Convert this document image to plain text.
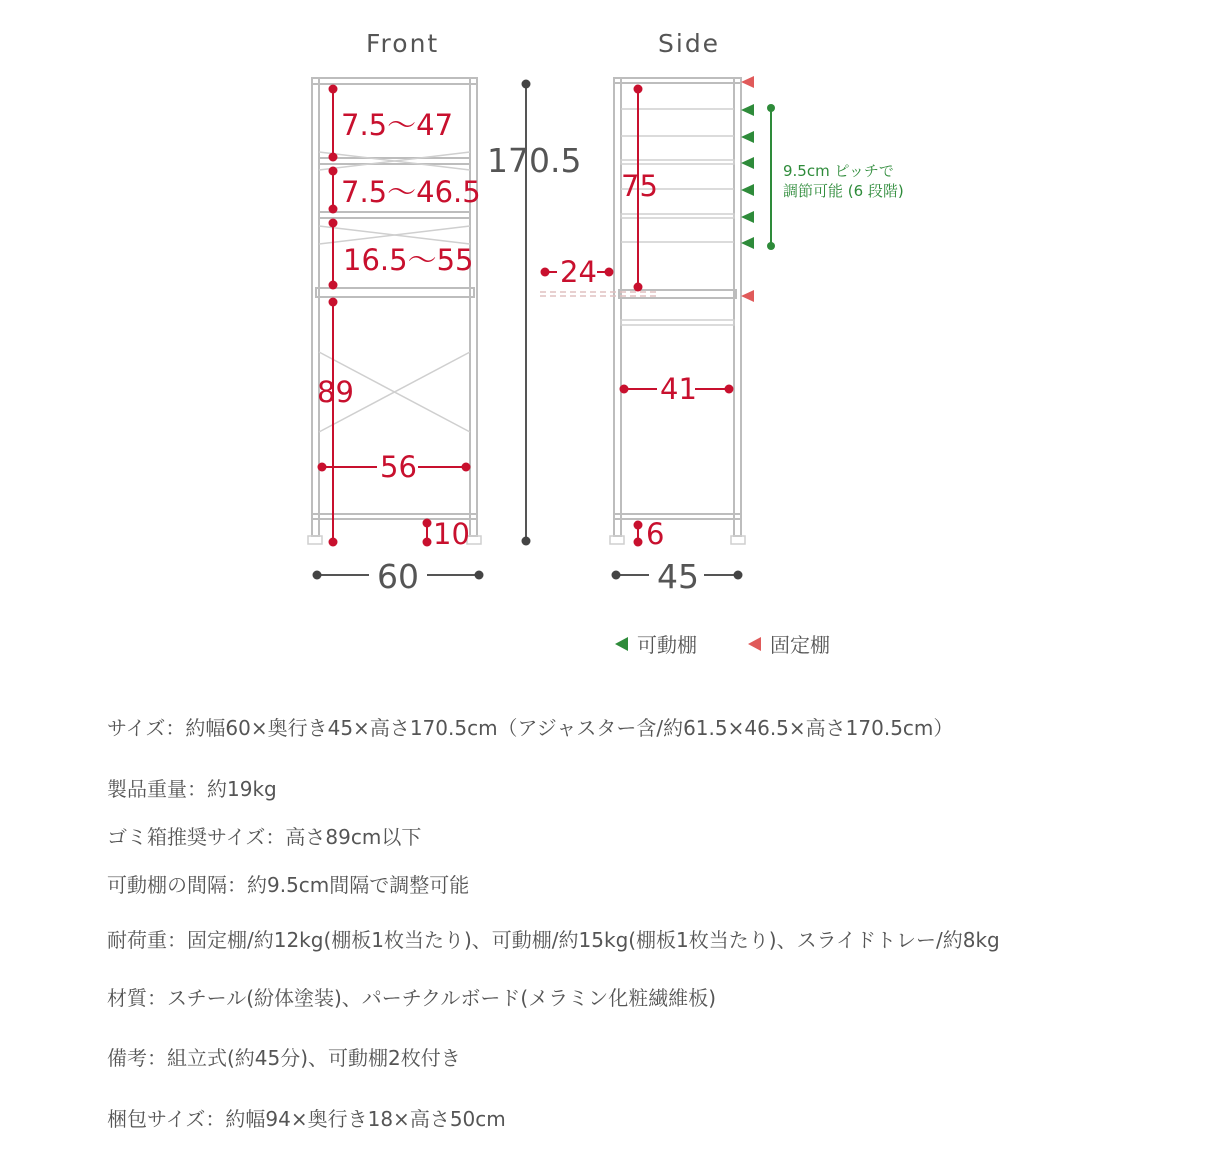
Front
7.5～47
7.5～46.5
16.5～55
89
56
10
60
170.5
Side
75
24
41
6
45
9.5cm ピッチで
調節可能 (6 段階)
可動棚	固定棚
サイズ：約幅60×奥行き45×高さ170.5cm（アジャスター含/約61.5×46.5×高さ170.5cm）
製品重量：約19kg
ゴミ箱推奨サイズ：高さ89cm以下
可動棚の間隔：約9.5cm間隔で調整可能
耐荷重：固定棚/約12kg(棚板1枚当たり)、可動棚/約15kg(棚板1枚当たり)、スライドトレー/約8kg
材質：スチール(紛体塗装)、パーチクルボード(メラミン化粧繊維板)
備考：組立式(約45分)、可動棚2枚付き
梱包サイズ：約幅94×奥行き18×高さ50cm
